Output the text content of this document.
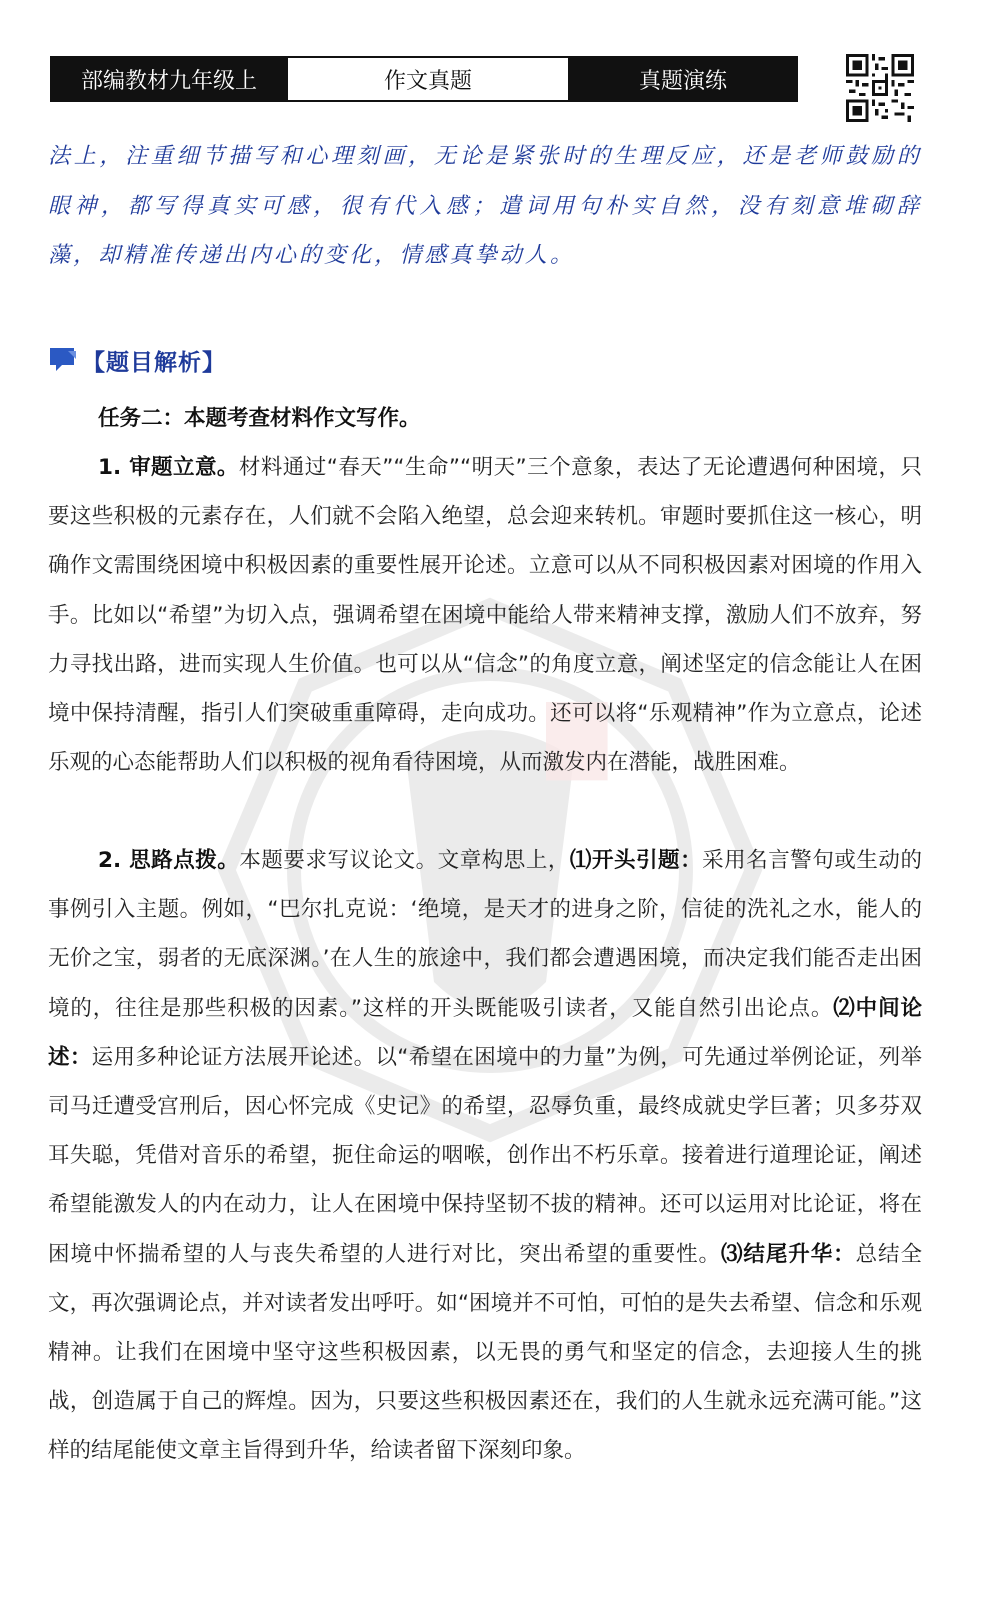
部编教材九年级上	作文真题	真题演练
法上，注重细节描写和心理刻画，无论是紧张时的生理反应，还是老师鼓励的眼神，都写得真实可感，很有代入感；遣词用句朴实自然，没有刻意堆砌辞藻，却精准传递出内心的变化，情感真挚动人。
【题目解析】
任务二：本题考查材料作文写作。
1. 审题立意。材料通过“春天”“生命”“明天”三个意象，表达了无论遭遇何种困境，只要这些积极的元素存在，人们就不会陷入绝望，总会迎来转机。审题时要抓住这一核心，明确作文需围绕困境中积极因素的重要性展开论述。立意可以从不同积极因素对困境的作用入手。比如以“希望”为切入点，强调希望在困境中能给人带来精神支撑，激励人们不放弃，努力寻找出路，进而实现人生价值。也可以从“信念”的角度立意，阐述坚定的信念能让人在困境中保持清醒，指引人们突破重重障碍，走向成功。还可以将“乐观精神”作为立意点，论述乐观的心态能帮助人们以积极的视角看待困境，从而激发内在潜能，战胜困难。
2. 思路点拨。本题要求写议论文。文章构思上，⑴开头引题：采用名言警句或生动的事例引入主题。例如，“巴尔扎克说：‘绝境，是天才的进身之阶，信徒的洗礼之水，能人的无价之宝，弱者的无底深渊。’在人生的旅途中，我们都会遭遇困境，而决定我们能否走出困境的，往往是那些积极的因素。”这样的开头既能吸引读者，又能自然引出论点。⑵中间论述：运用多种论证方法展开论述。以“希望在困境中的力量”为例，可先通过举例论证，列举司马迁遭受宫刑后，因心怀完成《史记》的希望，忍辱负重，最终成就史学巨著；贝多芬双耳失聪，凭借对音乐的希望，扼住命运的咽喉，创作出不朽乐章。接着进行道理论证，阐述希望能激发人的内在动力，让人在困境中保持坚韧不拔的精神。还可以运用对比论证，将在困境中怀揣希望的人与丧失希望的人进行对比，突出希望的重要性。⑶结尾升华：总结全文，再次强调论点，并对读者发出呼吁。如“困境并不可怕，可怕的是失去希望、信念和乐观精神。让我们在困境中坚守这些积极因素，以无畏的勇气和坚定的信念，去迎接人生的挑战，创造属于自己的辉煌。因为，只要这些积极因素还在，我们的人生就永远充满可能。”这样的结尾能使文章主旨得到升华，给读者留下深刻印象。
